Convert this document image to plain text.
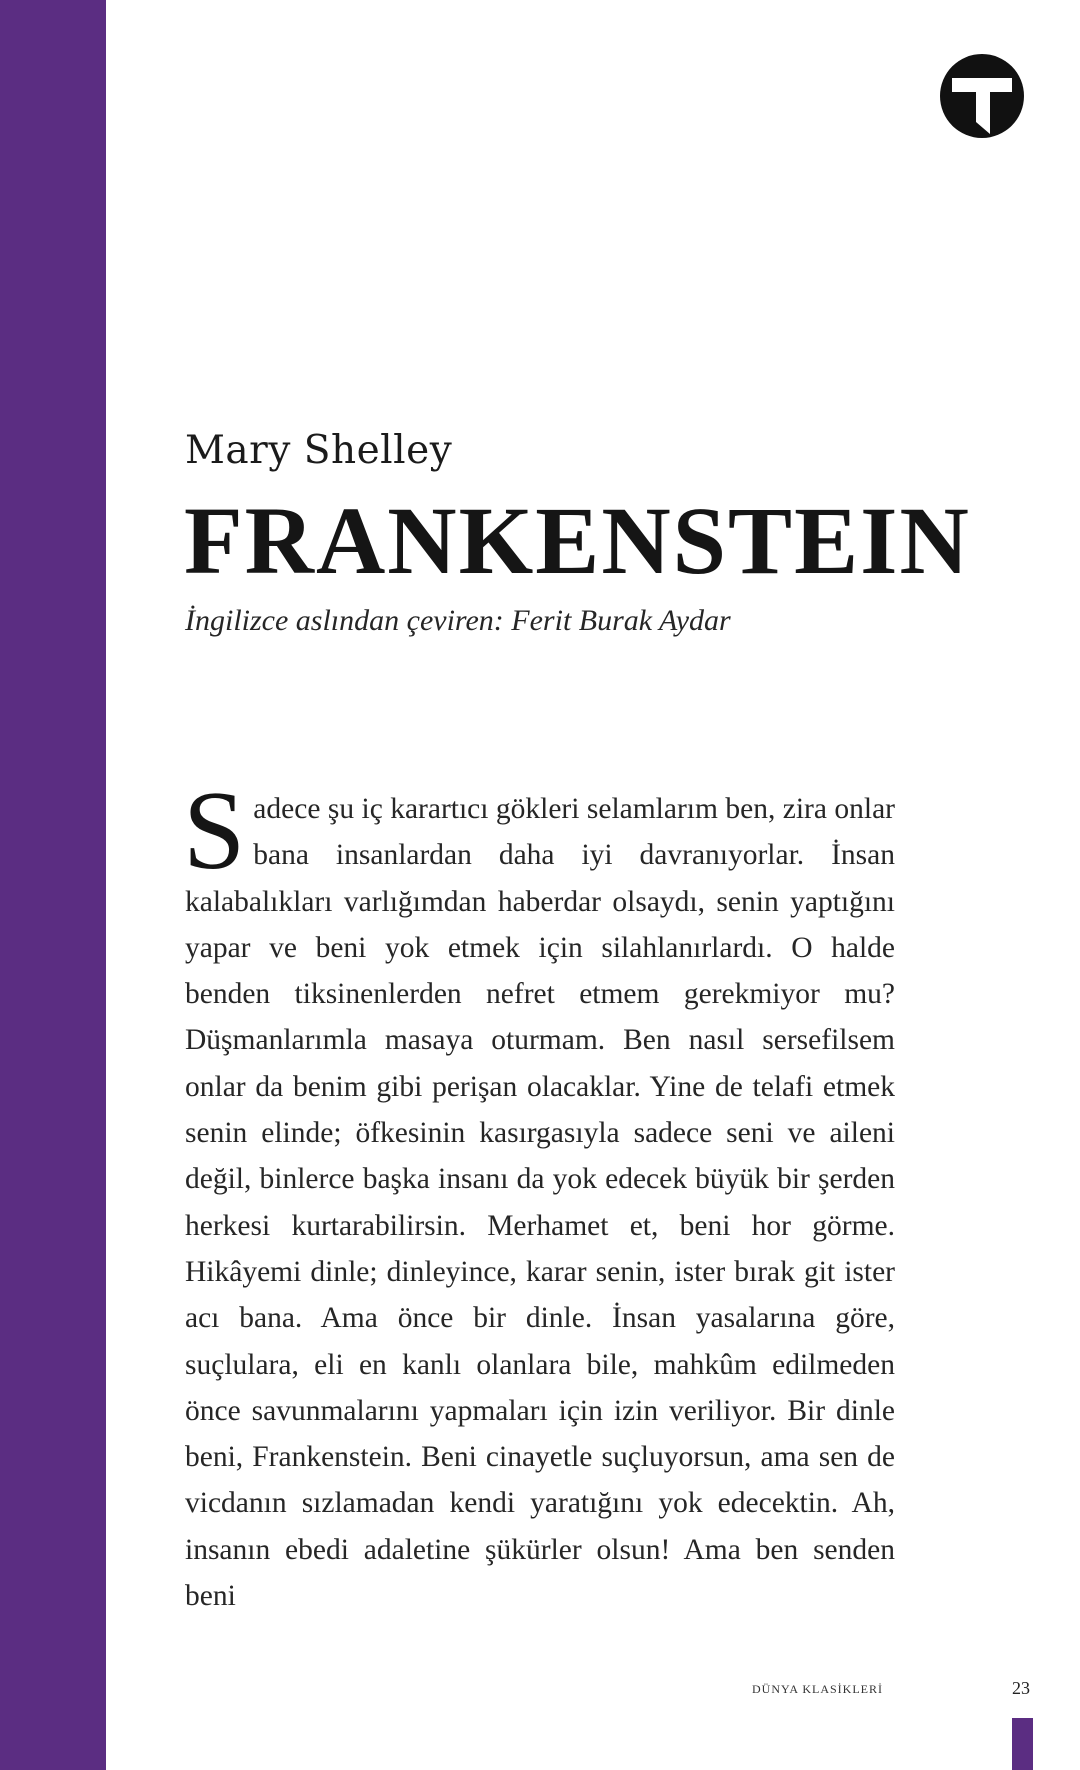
Mary Shelley
FRANKENSTEIN
İngilizce aslından çeviren: Ferit Burak Aydar
S adece şu iç karartıcı gökleri selamlarım ben, zira onlar bana insanlardan daha iyi davranıyorlar. İnsan kalabalıkları varlığımdan haberdar olsaydı, senin yaptığını yapar ve beni yok etmek için silahlanırlardı. O halde benden tiksinenlerden nefret etmem gerekmiyor mu? Düşmanlarımla masaya oturmam. Ben nasıl sersefilsem onlar da benim gibi perişan olacaklar. Yine de telafi etmek senin elinde; öfkesinin kasırgasıyla sadece seni ve aileni değil, binlerce başka insanı da yok edecek büyük bir şerden herkesi kurtarabilirsin. Merhamet et, beni hor görme. Hikâyemi dinle; dinleyince, karar senin, ister bırak git ister acı bana. Ama önce bir dinle. İnsan yasalarına göre, suçlulara, eli en kanlı olanlara bile, mahkûm edilmeden önce savunmalarını yapmaları için izin veriliyor. Bir dinle beni, Frankenstein. Beni cinayetle suçluyorsun, ama sen de vicdanın sızlamadan kendi yaratığını yok edecektin. Ah, insanın ebedi adaletine şükürler olsun! Ama ben senden beni
DÜNYA KLASİKLERİ	23
